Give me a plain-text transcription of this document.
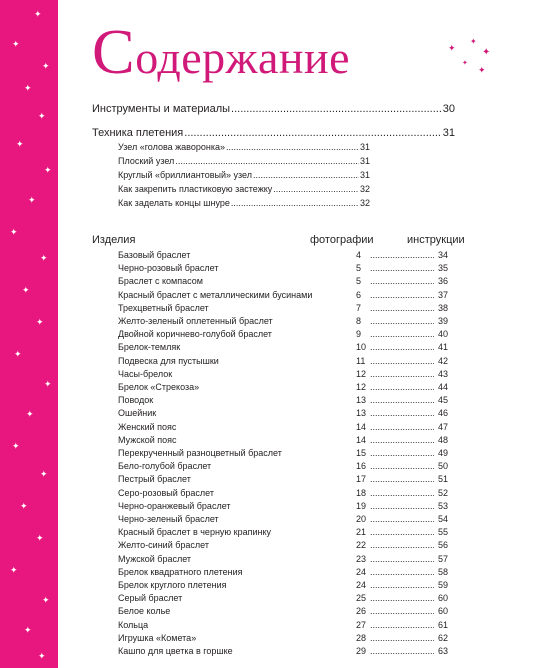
✦
✦
✦
✦
✦
✦
✦
✦
✦
✦
✦
✦
✦
✦
✦
✦
✦
✦
✦
✦
✦
✦
✦
Содержание	✦
✦
✦
✦
✦
Инструменты и материалы .....	30
Техника плетения .....	31
Узел «голова жаворонка» .....	31
Плоский узел .....	31
Круглый «бриллиантовый» узел .....	31
Как закрепить пластиковую застежку .....	32
Как заделать концы шнуре .....	32
Изделия	фотографии	инструкции
Базовый браслет	4 .....	34
Черно-розовый браслет	5 .....	35
Браслет с компасом	5 .....	36
Красный браслет с металлическими бусинами	6 .....	37
Трехцветный браслет	7 .....	38
Желто-зеленый оплетенный браслет	8 .....	39
Двойной коричнево-голубой браслет	9 .....	40
Брелок-темляк	10 .....	41
Подвеска для пустышки	11 .....	42
Часы-брелок	12 .....	43
Брелок «Стрекоза»	12 .....	44
Поводок	13 .....	45
Ошейник	13 .....	46
Женский пояс	14 .....	47
Мужской пояс	14 .....	48
Перекрученный разноцветный браслет	15 .....	49
Бело-голубой браслет	16 .....	50
Пестрый браслет	17 .....	51
Серо-розовый браслет	18 .....	52
Черно-оранжевый браслет	19 .....	53
Черно-зеленый браслет	20 .....	54
Красный браслет в черную крапинку	21 .....	55
Желто-синий браслет	22 .....	56
Мужской браслет	23 .....	57
Брелок квадратного плетения	24 .....	58
Брелок круглого плетения	24 .....	59
Серый браслет	25 .....	60
Белое колье	26 .....	60
Кольца	27 .....	61
Игрушка «Комета»	28 .....	62
Кашпо для цветка в горшке	29 .....	63
